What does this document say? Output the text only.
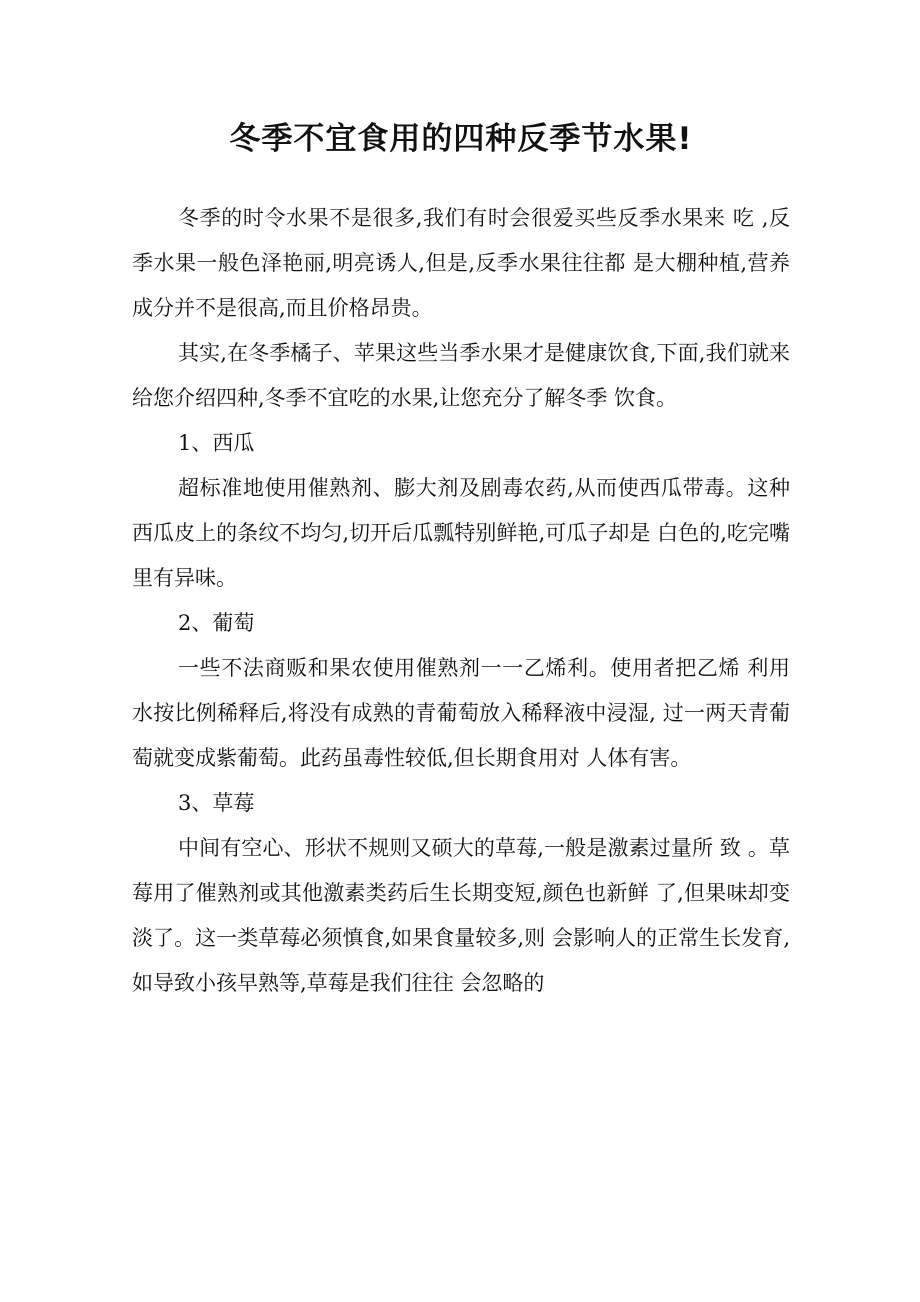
冬季不宜食用的四种反季节水果!

冬季的时令水果不是很多,我们有时会很爱买些反季水果来 吃 ,反季水果一般色泽艳丽,明亮诱人,但是,反季水果往往都 是大棚种植,营养成分并不是很高,而且价格昂贵。

其实,在冬季橘子、苹果这些当季水果才是健康饮食,下面,我们就来给您介绍四种,冬季不宜吃的水果,让您充分了解冬季 饮食。

1、西瓜

超标准地使用催熟剂、膨大剂及剧毒农药,从而使西瓜带毒。这种西瓜皮上的条纹不均匀,切开后瓜瓢特别鲜艳,可瓜子却是 白色的,吃完嘴里有异味。

2、葡萄

一些不法商贩和果农使用催熟剂一一乙烯利。使用者把乙烯 利用水按比例稀释后,将没有成熟的青葡萄放入稀释液中浸湿, 过一两天青葡萄就变成紫葡萄。此药虽毒性较低,但长期食用对 人体有害。

3、草莓

中间有空心、形状不规则又硕大的草莓,一般是激素过量所 致 。草莓用了催熟剂或其他激素类药后生长期变短,颜色也新鲜 了,但果味却变淡了。这一类草莓必须慎食,如果食量较多,则 会影响人的正常生长发育,如导致小孩早熟等,草莓是我们往往 会忽略的
